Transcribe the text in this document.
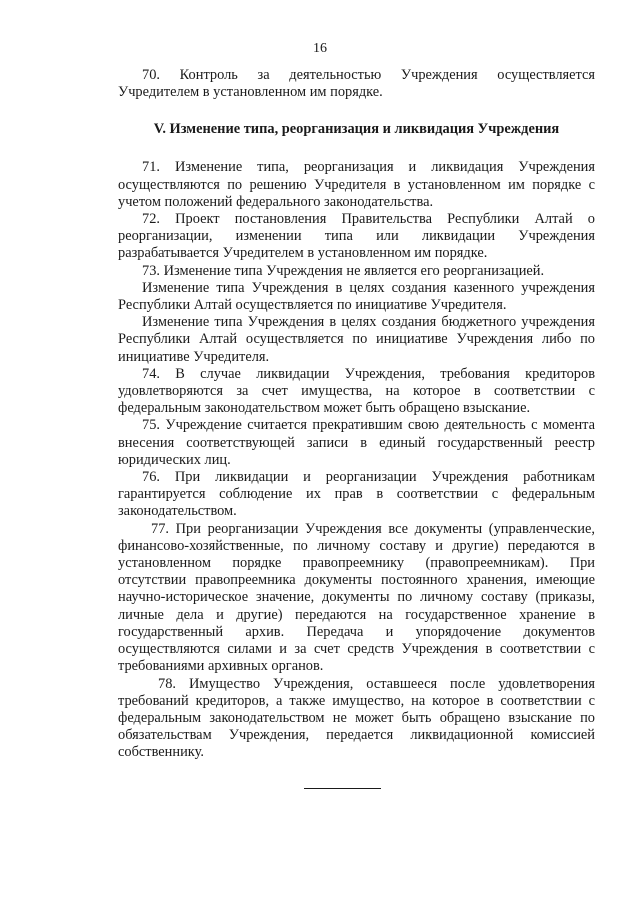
16

70. Контроль за деятельностью Учреждения осуществляется Учредителем в установленном им порядке.

V. Изменение типа, реорганизация и ликвидация Учреждения

71. Изменение типа, реорганизация и ликвидация Учреждения осуществляются по решению Учредителя в установленном им порядке с учетом положений федерального законодательства.

72. Проект постановления Правительства Республики Алтай о реорганизации, изменении типа или ликвидации Учреждения разрабатывается Учредителем в установленном им порядке.

73. Изменение типа Учреждения не является его реорганизацией.

Изменение типа Учреждения в целях создания казенного учреждения Республики Алтай осуществляется по инициативе Учредителя.

Изменение типа Учреждения в целях создания бюджетного учреждения Республики Алтай осуществляется по инициативе Учреждения либо по инициативе Учредителя.

74. В случае ликвидации Учреждения, требования кредиторов удовлетворяются за счет имущества, на которое в соответствии с федеральным законодательством может быть обращено взыскание.

75. Учреждение считается прекратившим свою деятельность с момента внесения соответствующей записи в единый государственный реестр юридических лиц.

76. При ликвидации и реорганизации Учреждения работникам гарантируется соблюдение их прав в соответствии с федеральным законодательством.

77. При реорганизации Учреждения все документы (управленческие, финансово-хозяйственные, по личному составу и другие) передаются в установленном порядке правопреемнику (правопреемникам). При отсутствии правопреемника документы постоянного хранения, имеющие научно-историческое значение, документы по личному составу (приказы, личные дела и другие) передаются на государственное хранение в государственный архив. Передача и упорядочение документов осуществляются силами и за счет средств Учреждения в соответствии с требованиями архивных органов.

78. Имущество Учреждения, оставшееся после удовлетворения требований кредиторов, а также имущество, на которое в соответствии с федеральным законодательством не может быть обращено взыскание по обязательствам Учреждения, передается ликвидационной комиссией собственнику.
